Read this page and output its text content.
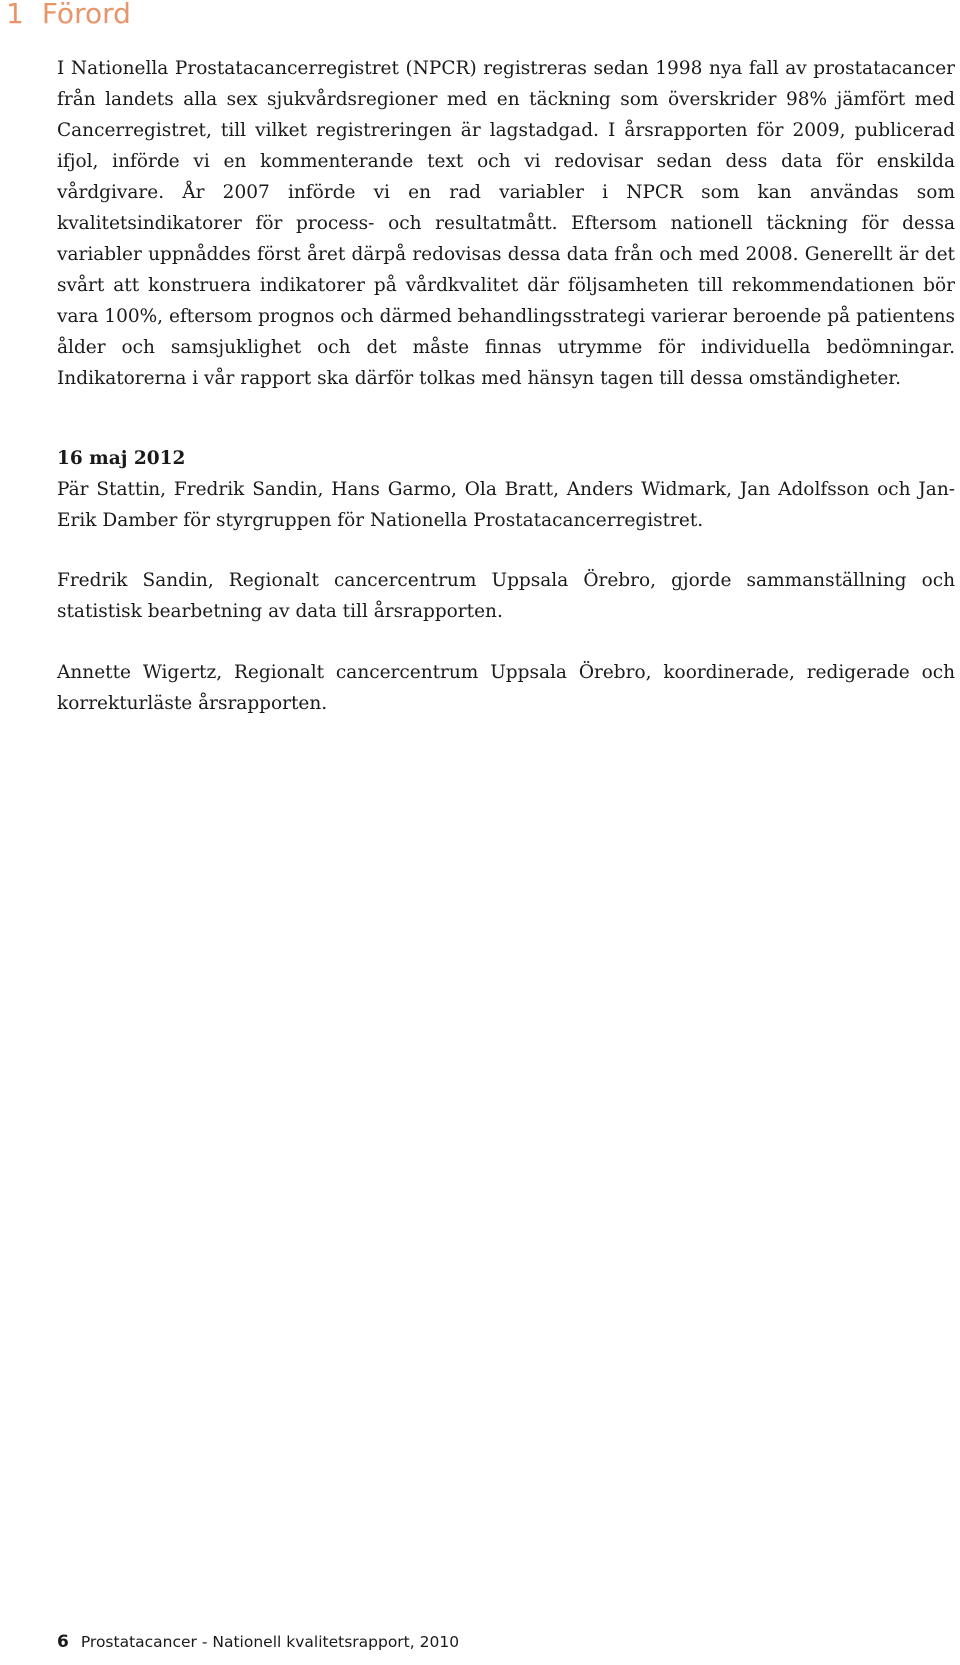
1 Förord

I Nationella Prostatacancerregistret (NPCR) registreras sedan 1998 nya fall av prostatacancer från landets alla sex sjukvårdsregioner med en täckning som överskrider 98% jämfört med Cancerregistret, till vilket registreringen är lagstadgad. I årsrapporten för 2009, publicerad ifjol, införde vi en kommenterande text och vi redovisar sedan dess data för enskilda vårdgivare. År 2007 införde vi en rad variabler i NPCR som kan användas som kvalitetsindikatorer för process- och resultatmått. Eftersom nationell täckning för dessa variabler uppnåddes först året därpå redovisas dessa data från och med 2008. Generellt är det svårt att konstruera indikatorer på vårdkvalitet där följsamheten till rekommendationen bör vara 100%, eftersom prognos och därmed behandlingsstrategi varierar beroende på patientens ålder och samsjuklighet och det måste finnas utrymme för individuella bedömningar. Indikatorerna i vår rapport ska därför tolkas med hänsyn tagen till dessa omständigheter.

16 maj 2012

Pär Stattin, Fredrik Sandin, Hans Garmo, Ola Bratt, Anders Widmark, Jan Adolfsson och Jan-Erik Damber för styrgruppen för Nationella Prostatacancerregistret.

Fredrik Sandin, Regionalt cancercentrum Uppsala Örebro, gjorde sammanställning och statistisk bearbetning av data till årsrapporten.

Annette Wigertz, Regionalt cancercentrum Uppsala Örebro, koordinerade, redigerade och korrekturläste årsrapporten.

6 Prostatacancer - Nationell kvalitetsrapport, 2010
